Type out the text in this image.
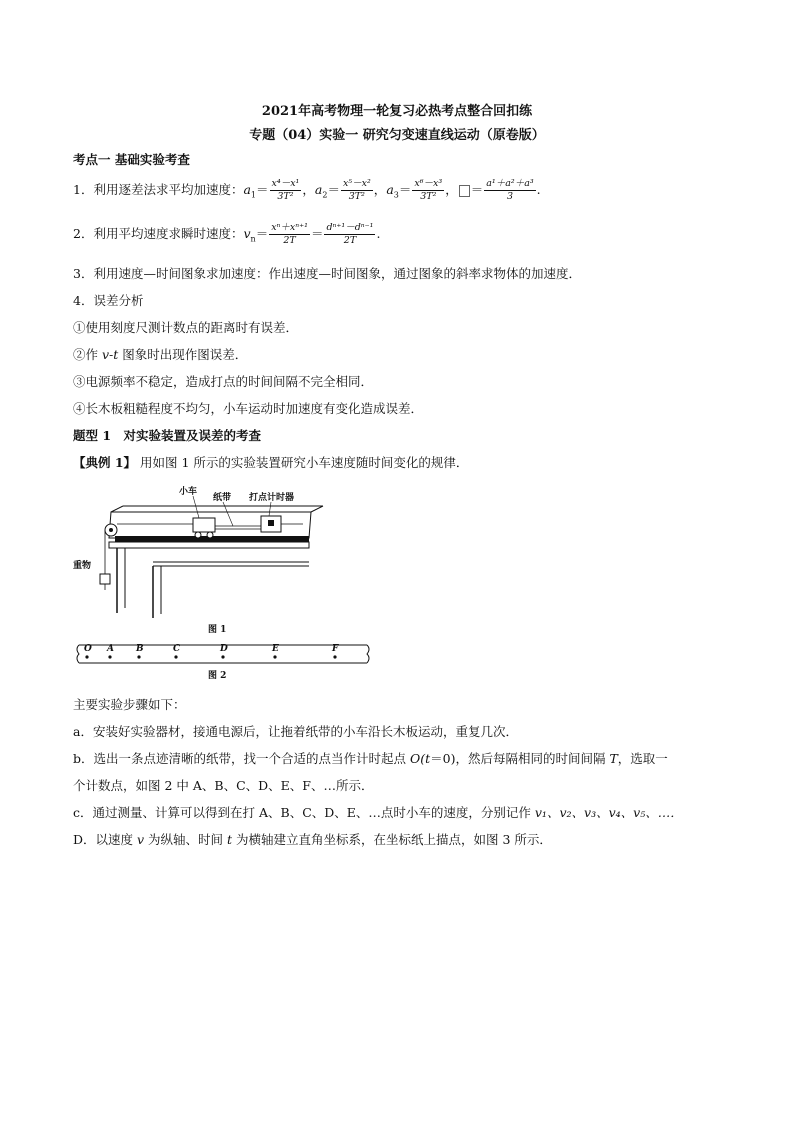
2021年高考物理一轮复习必热考点整合回扣练
专题（04）实验一 研究匀变速直线运动（原卷版）
考点一 基础实验考查
1．利用逐差法求平均加速度：$a_1= \frac{\text{x⁴－x¹}}{\text{3T²}}$ ，$a_2= \frac{\text{x⁵－x²}}{\text{3T²}}$ ，$a_3= \frac{\text{x⁶－x³}}{\text{3T²}}$ ， ＝ $\frac{\text{a¹＋a²＋a³}}{3}$ .
2．利用平均速度求瞬时速度：$v_n= \frac{\text{xⁿ＋xⁿ⁺¹}}{2T} = \frac{\text{dⁿ⁺¹－dⁿ⁻¹}}{2T}$ .
3．利用速度—时间图象求加速度：作出速度—时间图象，通过图象的斜率求物体的加速度．
4．误差分析
①使用刻度尺测计数点的距离时有误差．
②作 v-t 图象时出现作图误差．
③电源频率不稳定，造成打点的时间间隔不完全相同．
④长木板粗糙程度不均匀，小车运动时加速度有变化造成误差．
题型 1　对实验装置及误差的考查
【典例 1】 用如图 1 所示的实验装置研究小车速度随时间变化的规律．
小车
纸带 打点计时器
重物
图 1
O A B	C	D	E	F
图 2
主要实验步骤如下：
a．安装好实验器材，接通电源后，让拖着纸带的小车沿长木板运动，重复几次．
b．选出一条点迹清晰的纸带，找一个合适的点当作计时起点 O(t＝0)，然后每隔相同的时间间隔 T，选取一
个计数点，如图 2 中 A、B、C、D、E、F、…所示．
c．通过测量、计算可以得到在打 A、B、C、D、E、…点时小车的速度，分别记作 v₁、v₂、v₃、v₄、v₅、…．
D．以速度 v 为纵轴、时间 t 为横轴建立直角坐标系，在坐标纸上描点，如图 3 所示．
